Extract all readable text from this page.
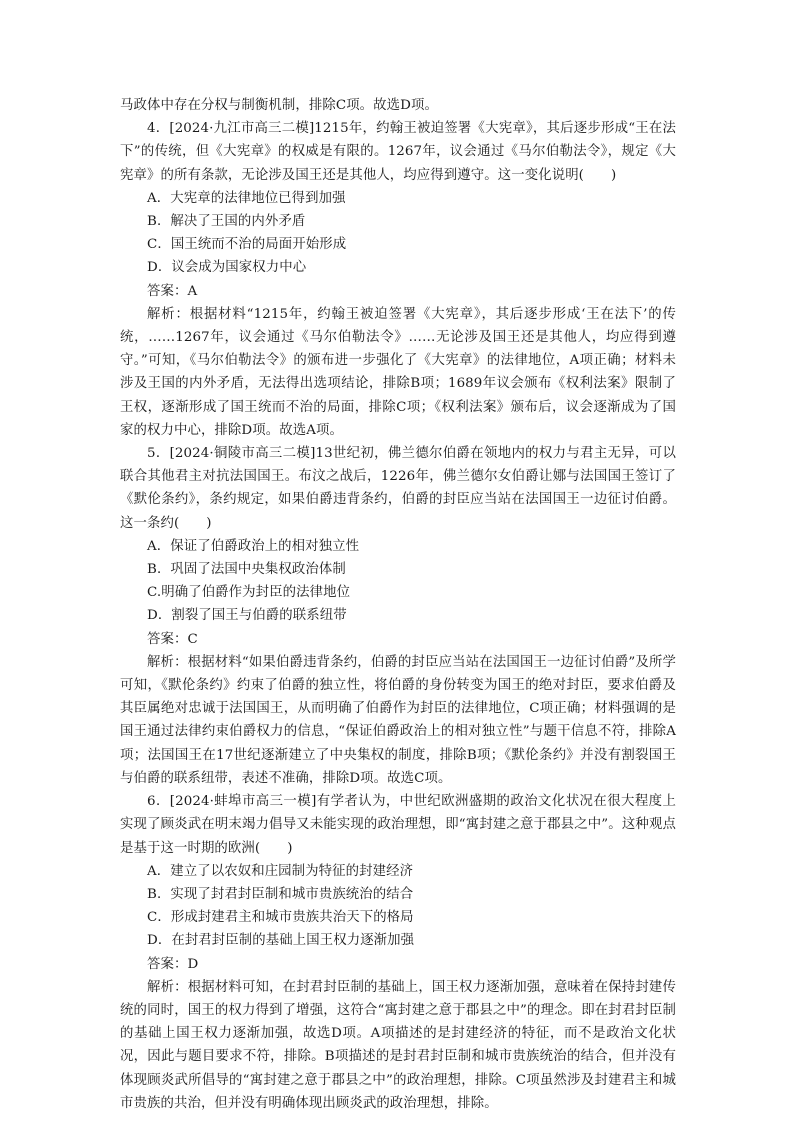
马政体中存在分权与制衡机制，排除C项。故选D项。

4．[2024·九江市高三二模]1215年，约翰王被迫签署《大宪章》，其后逐步形成“王在法下”的传统，但《大宪章》的权威是有限的。1267年，议会通过《马尔伯勒法令》，规定《大宪章》的所有条款，无论涉及国王还是其他人，均应得到遵守。这一变化说明(　　)

A．大宪章的法律地位已得到加强

B．解决了王国的内外矛盾

C．国王统而不治的局面开始形成

D．议会成为国家权力中心

答案：A

解析：根据材料“1215年，约翰王被迫签署《大宪章》，其后逐步形成‘王在法下’的传统，……1267年，议会通过《马尔伯勒法令》……无论涉及国王还是其他人，均应得到遵守。”可知，《马尔伯勒法令》的颁布进一步强化了《大宪章》的法律地位，A项正确；材料未涉及王国的内外矛盾，无法得出选项结论，排除B项；1689年议会颁布《权利法案》限制了王权，逐渐形成了国王统而不治的局面，排除C项；《权利法案》颁布后，议会逐渐成为了国家的权力中心，排除D项。故选A项。

5．[2024·铜陵市高三二模]13世纪初，佛兰德尔伯爵在领地内的权力与君主无异，可以联合其他君主对抗法国国王。布汶之战后，1226年，佛兰德尔女伯爵让娜与法国国王签订了《默伦条约》，条约规定，如果伯爵违背条约，伯爵的封臣应当站在法国国王一边征讨伯爵。这一条约(　　)

A．保证了伯爵政治上的相对独立性

B．巩固了法国中央集权政治体制

C.明确了伯爵作为封臣的法律地位

D．割裂了国王与伯爵的联系纽带

答案：C

解析：根据材料“如果伯爵违背条约，伯爵的封臣应当站在法国国王一边征讨伯爵”及所学可知，《默伦条约》约束了伯爵的独立性，将伯爵的身份转变为国王的绝对封臣，要求伯爵及其臣属绝对忠诚于法国国王，从而明确了伯爵作为封臣的法律地位，C项正确；材料强调的是国王通过法律约束伯爵权力的信息，“保证伯爵政治上的相对独立性”与题干信息不符，排除A项；法国国王在17世纪逐渐建立了中央集权的制度，排除B项；《默伦条约》并没有割裂国王与伯爵的联系纽带，表述不准确，排除D项。故选C项。

6．[2024·蚌埠市高三一模]有学者认为，中世纪欧洲盛期的政治文化状况在很大程度上实现了顾炎武在明末竭力倡导又未能实现的政治理想，即“寓封建之意于郡县之中”。这种观点是基于这一时期的欧洲(　　)

A．建立了以农奴和庄园制为特征的封建经济

B．实现了封君封臣制和城市贵族统治的结合

C．形成封建君主和城市贵族共治天下的格局

D．在封君封臣制的基础上国王权力逐渐加强

答案：D

解析：根据材料可知，在封君封臣制的基础上，国王权力逐渐加强，意味着在保持封建传统的同时，国王的权力得到了增强，这符合“寓封建之意于郡县之中”的理念。即在封君封臣制的基础上国王权力逐渐加强，故选D项。A项描述的是封建经济的特征，而不是政治文化状况，因此与题目要求不符，排除。B项描述的是封君封臣制和城市贵族统治的结合，但并没有体现顾炎武所倡导的“寓封建之意于郡县之中”的政治理想，排除。C项虽然涉及封建君主和城市贵族的共治，但并没有明确体现出顾炎武的政治理想，排除。
